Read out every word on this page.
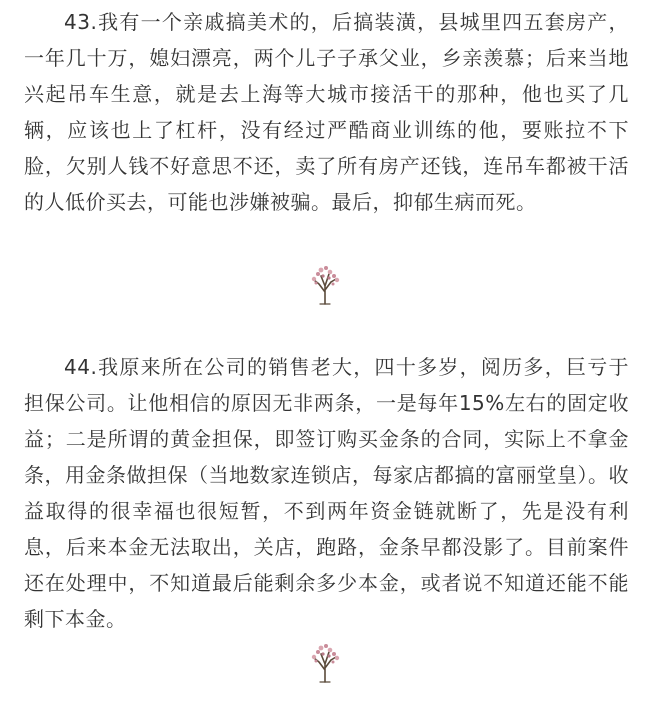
43.我有一个亲戚搞美术的，后搞装潢，县城里四五套房产，一年几十万，媳妇漂亮，两个儿子子承父业，乡亲羡慕；后来当地兴起吊车生意，就是去上海等大城市接活干的那种，他也买了几辆，应该也上了杠杆，没有经过严酷商业训练的他，要账拉不下脸，欠别人钱不好意思不还，卖了所有房产还钱，连吊车都被干活的人低价买去，可能也涉嫌被骗。最后，抑郁生病而死。

44.我原来所在公司的销售老大，四十多岁，阅历多，巨亏于担保公司。让他相信的原因无非两条，一是每年15%左右的固定收益；二是所谓的黄金担保，即签订购买金条的合同，实际上不拿金条，用金条做担保（当地数家连锁店，每家店都搞的富丽堂皇）。收益取得的很幸福也很短暂，不到两年资金链就断了，先是没有利息，后来本金无法取出，关店，跑路，金条早都没影了。目前案件还在处理中，不知道最后能剩余多少本金，或者说不知道还能不能剩下本金。
